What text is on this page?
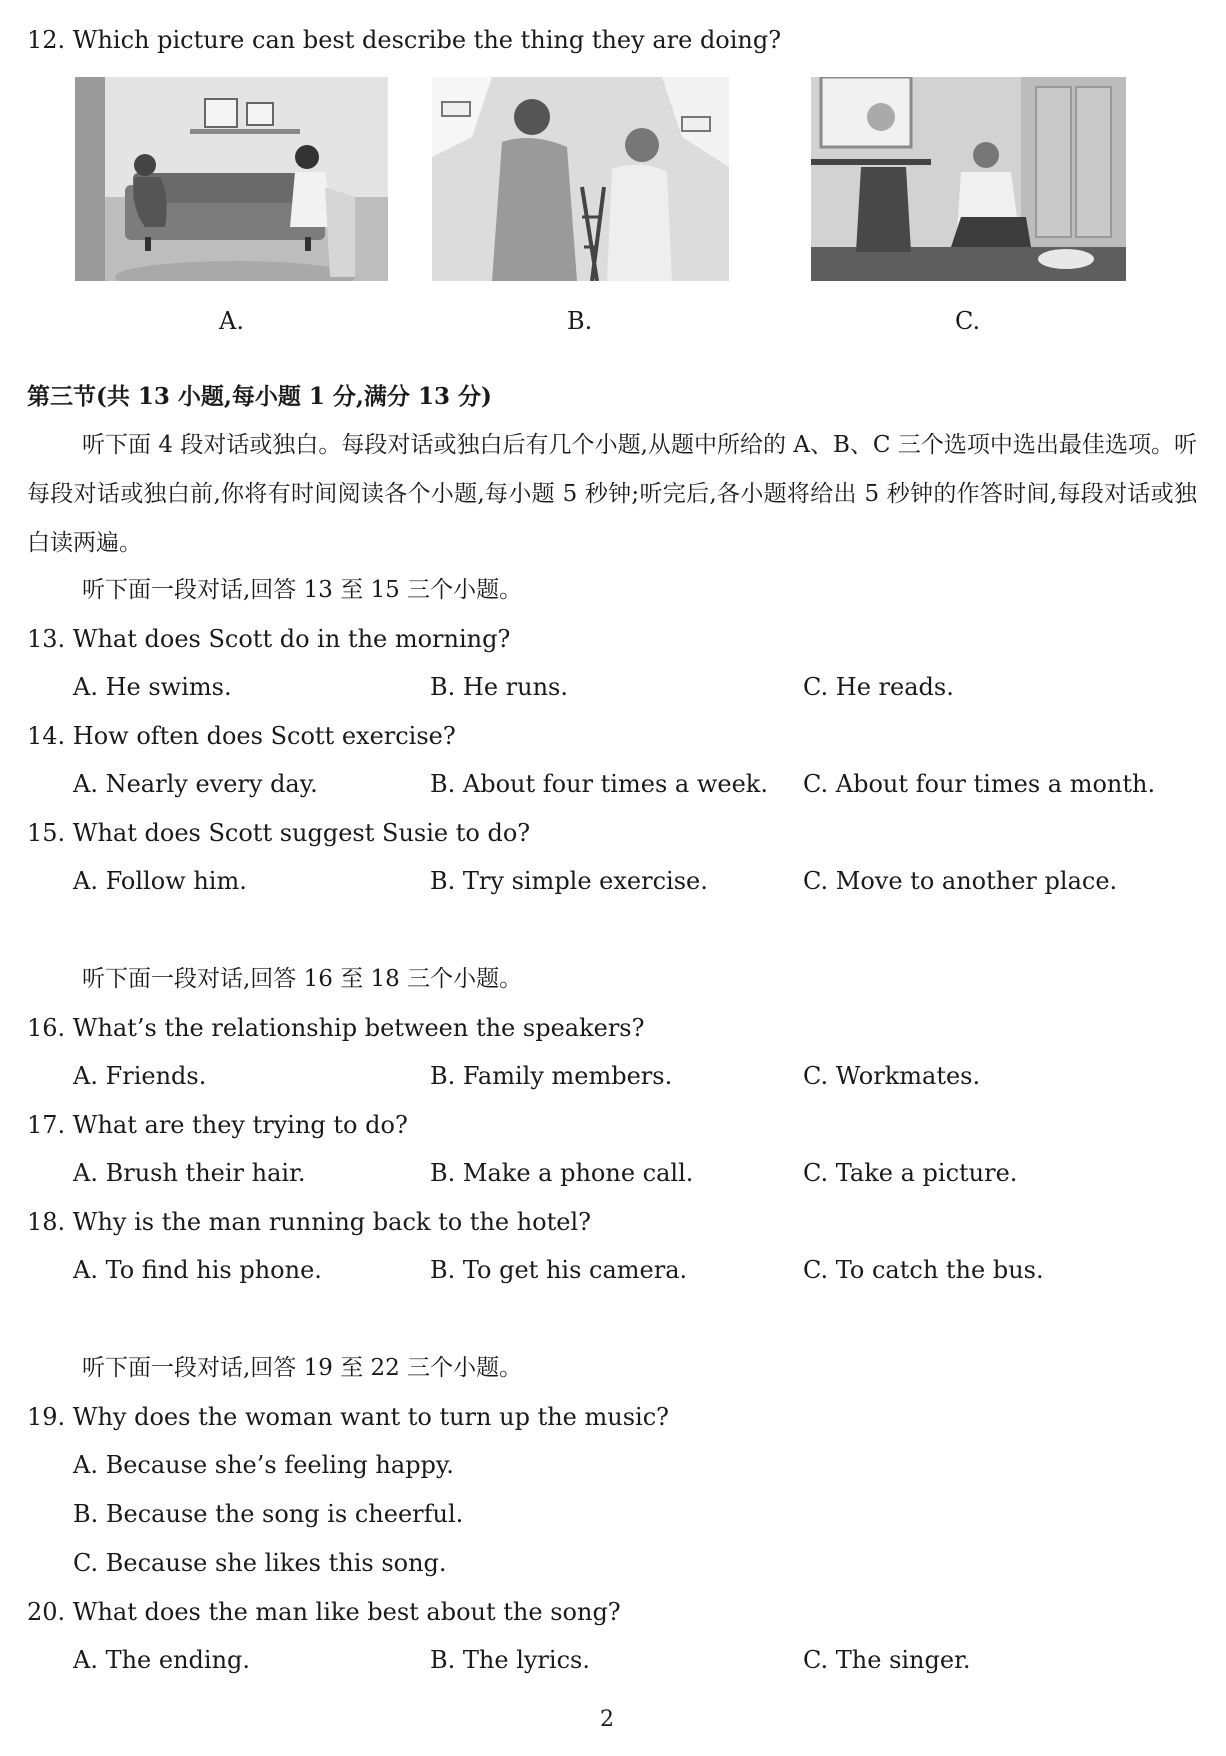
12. Which picture can best describe the thing they are doing?
A.	B.	C.
第三节(共 13 小题,每小题 1 分,满分 13 分)
听下面 4 段对话或独白。每段对话或独白后有几个小题,从题中所给的 A、B、C 三个选项中选出最佳选项。听每段对话或独白前,你将有时间阅读各个小题,每小题 5 秒钟;听完后,各小题将给出 5 秒钟的作答时间,每段对话或独白读两遍。
听下面一段对话,回答 13 至 15 三个小题。
13. What does Scott do in the morning?
A. He swims.	B. He runs.	C. He reads.
14. How often does Scott exercise?
A. Nearly every day.	B. About four times a week. C. About four times a month.
15. What does Scott suggest Susie to do?
A. Follow him.	B. Try simple exercise.	C. Move to another place.
听下面一段对话,回答 16 至 18 三个小题。
16. What’s the relationship between the speakers?
A. Friends.	B. Family members.	C. Workmates.
17. What are they trying to do?
A. Brush their hair.	B. Make a phone call.	C. Take a picture.
18. Why is the man running back to the hotel?
A. To find his phone.	B. To get his camera.	C. To catch the bus.
听下面一段对话,回答 19 至 22 三个小题。
19. Why does the woman want to turn up the music?
A. Because she’s feeling happy.
B. Because the song is cheerful.
C. Because she likes this song.
20. What does the man like best about the song?
A. The ending.	B. The lyrics.	C. The singer.
2
